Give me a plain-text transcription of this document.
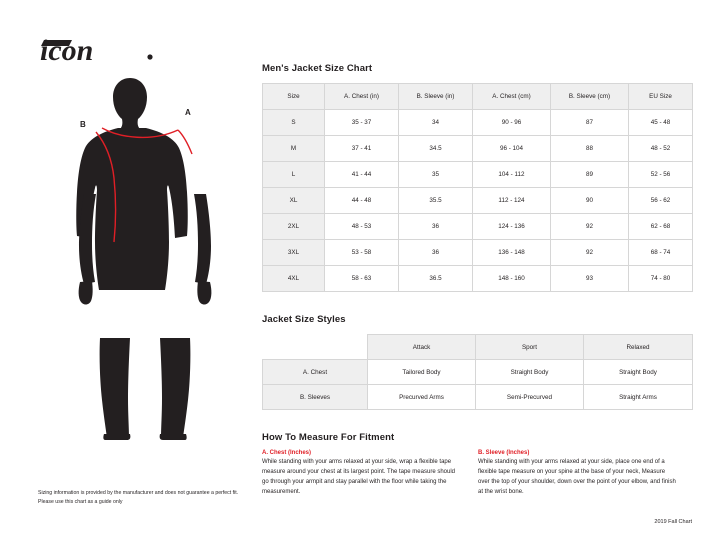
icon
A
B
Sizing information is provided by the manufacturer and does not guarantee a perfect fit. Please use this chart as a guide only
Men's Jacket Size Chart
Size	A. Chest (in)	B. Sleeve (in)	A. Chest (cm)	B. Sleeve (cm)	EU Size
S	35 - 37	34	90 - 96	87	45 - 48
M	37 - 41	34.5	96 - 104	88	48 - 52
L	41 - 44	35	104 - 112	89	52 - 56
XL	44 - 48	35.5	112 - 124	90	56 - 62
2XL	48 - 53	36	124 - 136	92	62 - 68
3XL	53 - 58	36	136 - 148	92	68 - 74
4XL	58 - 63	36.5	148 - 160	93	74 - 80
Jacket Size Styles
	Attack	Sport	Relaxed
A. Chest	Tailored Body	Straight Body	Straight Body
B. Sleeves	Precurved Arms	Semi-Precurved	Straight Arms
How To Measure For Fitment
A. Chest (Inches)
While standing with your arms relaxed at your side, wrap a flexible tape measure around your chest at its largest point. The tape measure should go through your armpit and stay parallel with the floor while taking the measurement.
B. Sleeve (Inches)
While standing with your arms relaxed at your side, place one end of a flexible tape measure on your spine at the base of your neck, Measure over the top of your shoulder, down over the point of your elbow, and finish at the wrist bone.
2019 Fall Chart
